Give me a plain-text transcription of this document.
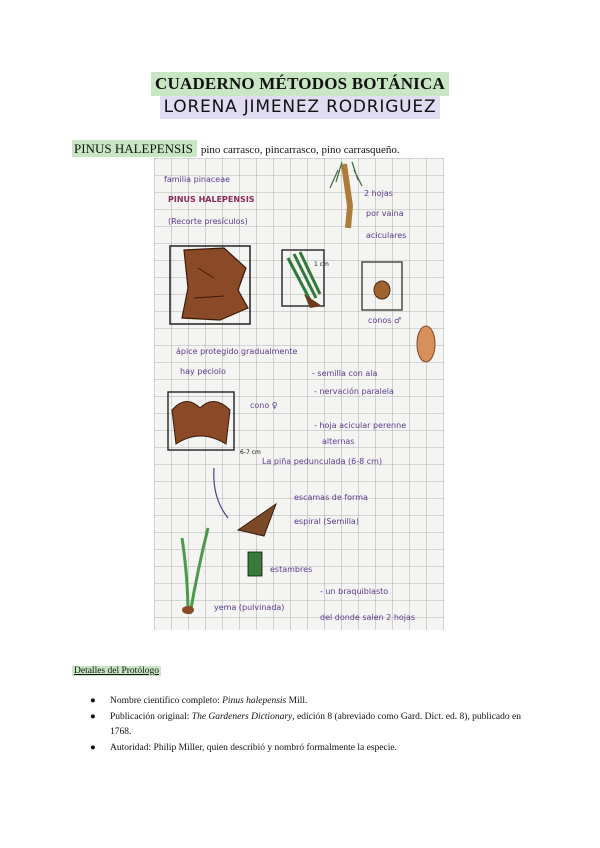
CUADERNO MÉTODOS BOTÁNICA
LORENA JIMENEZ RODRIGUEZ
PINUS HALEPENSIS pino carrasco, pincarrasco, pino carrasqueño.
familia pinaceae
PINUS HALEPENSIS
(Recorte presículos)
2 hojas
por vaina
aciculares
1 cm
conos ♂
ápice protegido gradualmente
hay peciolo	- semilla con ala
- nervación paralela
cono ♀
- hoja acicular perenne
alternas
6-7 cm
La piña pedunculada (6-8 cm)
escamas de forma
espiral (Semilla)
estambres
yema (pulvinada)
- un braquiblasto
del donde salen 2 hojas
Detalles del Protólogo
● Nombre científico completo: Pinus halepensis Mill.
● Publicación original: The Gardeners Dictionary, edición 8 (abreviado como Gard. Dict. ed. 8), publicado en 1768.
● Autoridad: Philip Miller, quien describió y nombró formalmente la especie.
